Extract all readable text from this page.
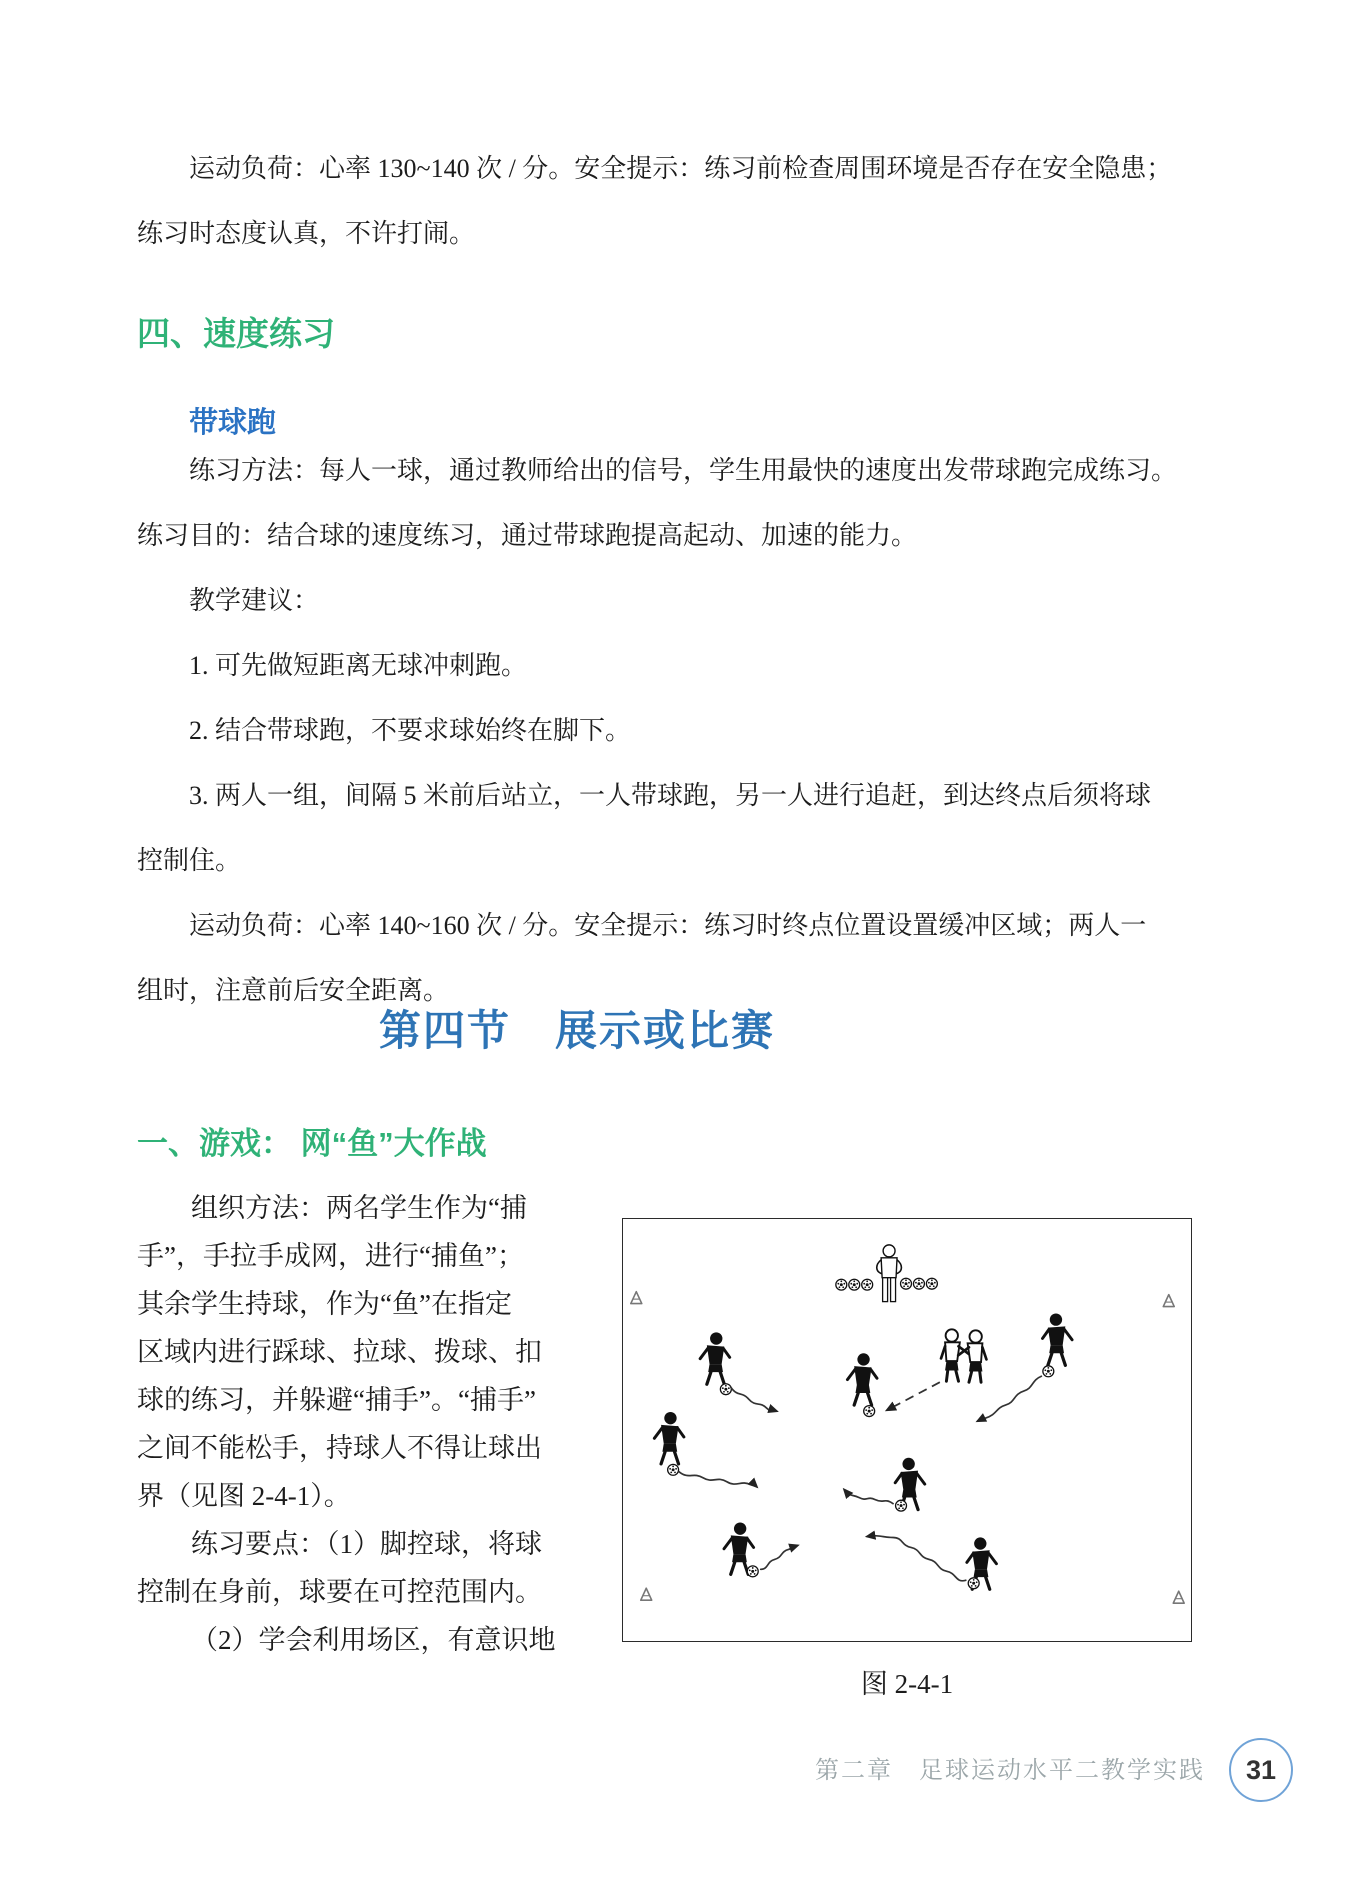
运动负荷：心率 130~140 次 / 分。安全提示：练习前检查周围环境是否存在安全隐患；
练习时态度认真，不许打闹。
四、速度练习
带球跑
练习方法：每人一球，通过教师给出的信号，学生用最快的速度出发带球跑完成练习。
练习目的：结合球的速度练习，通过带球跑提高起动、加速的能力。
教学建议：
1. 可先做短距离无球冲刺跑。
2. 结合带球跑，不要求球始终在脚下。
3. 两人一组，间隔 5 米前后站立，一人带球跑，另一人进行追赶，到达终点后须将球
控制住。
运动负荷：心率 140~160 次 / 分。安全提示：练习时终点位置设置缓冲区域；两人一
组时，注意前后安全距离。
第四节　展示或比赛
一、游戏： 网“鱼”大作战
组织方法：两名学生作为“捕
手”，手拉手成网，进行“捕鱼”；
其余学生持球，作为“鱼”在指定
区域内进行踩球、拉球、拨球、扣
球的练习，并躲避“捕手”。“捕手”
之间不能松手，持球人不得让球出
界（见图 2-4-1）。
练习要点：（1）脚控球，将球
控制在身前，球要在可控范围内。
（2）学会利用场区，有意识地
图 2-4-1
第二章　足球运动水平二教学实践	31
